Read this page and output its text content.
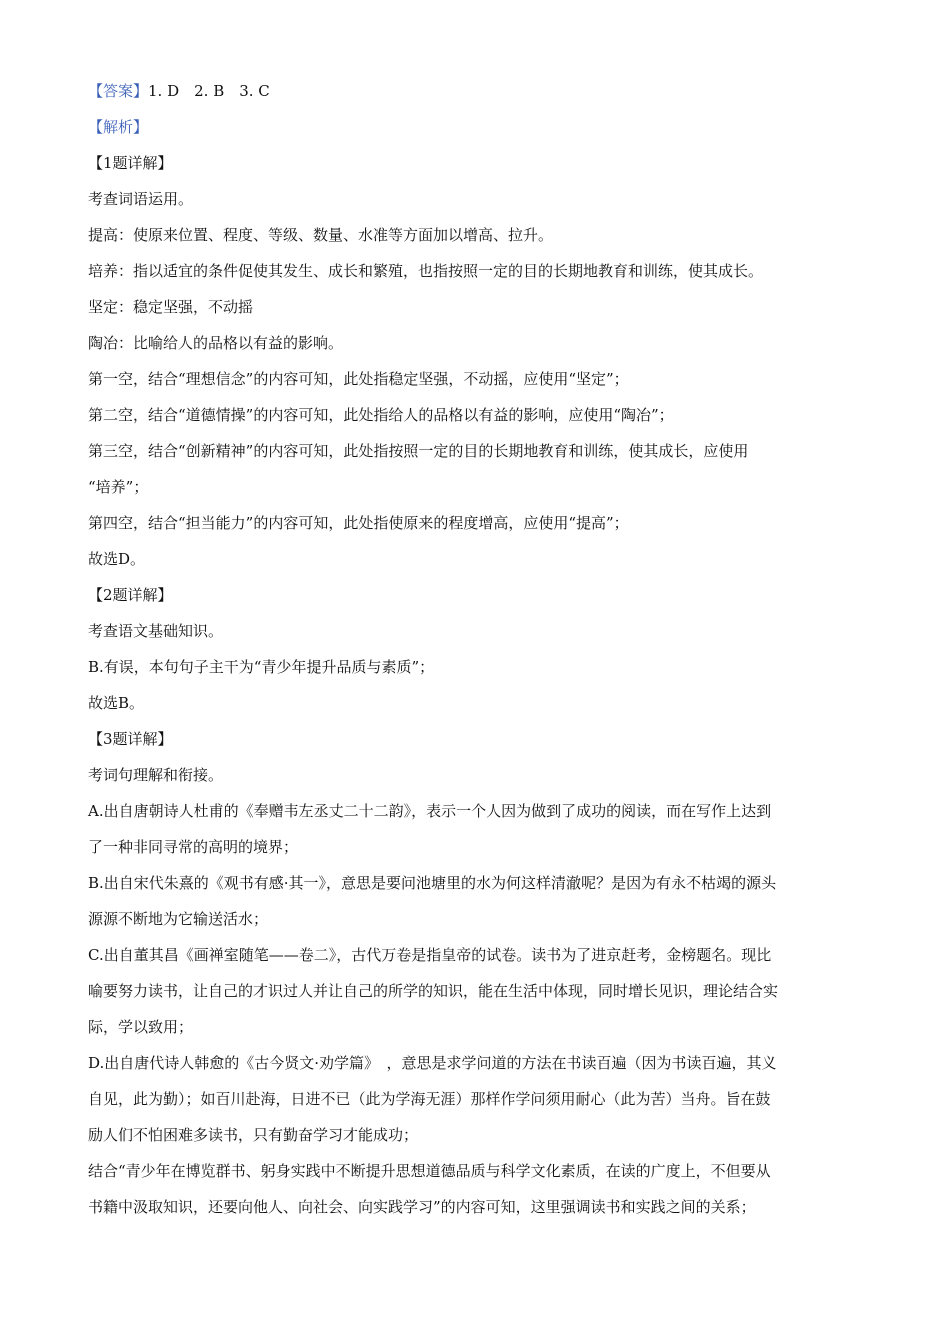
【答案】1. D　2. B　3. C
【解析】
【1题详解】
考查词语运用。
提高：使原来位置、程度、等级、数量、水准等方面加以增高、拉升。
培养：指以适宜的条件促使其发生、成长和繁殖，也指按照一定的目的长期地教育和训练，使其成长。
坚定：稳定坚强，不动摇
陶冶：比喻给人的品格以有益的影响。
第一空，结合“理想信念”的内容可知，此处指稳定坚强，不动摇，应使用“坚定”；
第二空，结合“道德情操”的内容可知，此处指给人的品格以有益的影响，应使用“陶冶”；
第三空，结合“创新精神”的内容可知，此处指按照一定的目的长期地教育和训练，使其成长，应使用
“培养”；
第四空，结合“担当能力”的内容可知，此处指使原来的程度增高，应使用“提高”；
故选D。
【2题详解】
考查语文基础知识。
B.有误，本句句子主干为“青少年提升品质与素质”；
故选B。
【3题详解】
考词句理解和衔接。
A.出自唐朝诗人杜甫的《奉赠韦左丞丈二十二韵》，表示一个人因为做到了成功的阅读，而在写作上达到
了一种非同寻常的高明的境界；
B.出自宋代朱熹的《观书有感·其一》，意思是要问池塘里的水为何这样清澈呢？是因为有永不枯竭的源头
源源不断地为它输送活水；
C.出自董其昌《画禅室随笔——卷二》，古代万卷是指皇帝的试卷。读书为了进京赶考，金榜题名。现比
喻要努力读书，让自己的才识过人并让自己的所学的知识，能在生活中体现，同时增长见识，理论结合实
际，学以致用；
D.出自唐代诗人韩愈的《古今贤文·劝学篇》　，意思是求学问道的方法在书读百遍（因为书读百遍，其义
自见，此为勤）；如百川赴海，日进不已（此为学海无涯）那样作学问须用耐心（此为苦）当舟。旨在鼓
励人们不怕困难多读书，只有勤奋学习才能成功；
结合“青少年在博览群书、躬身实践中不断提升思想道德品质与科学文化素质，在读的广度上，不但要从
书籍中汲取知识，还要向他人、向社会、向实践学习”的内容可知，这里强调读书和实践之间的关系；
